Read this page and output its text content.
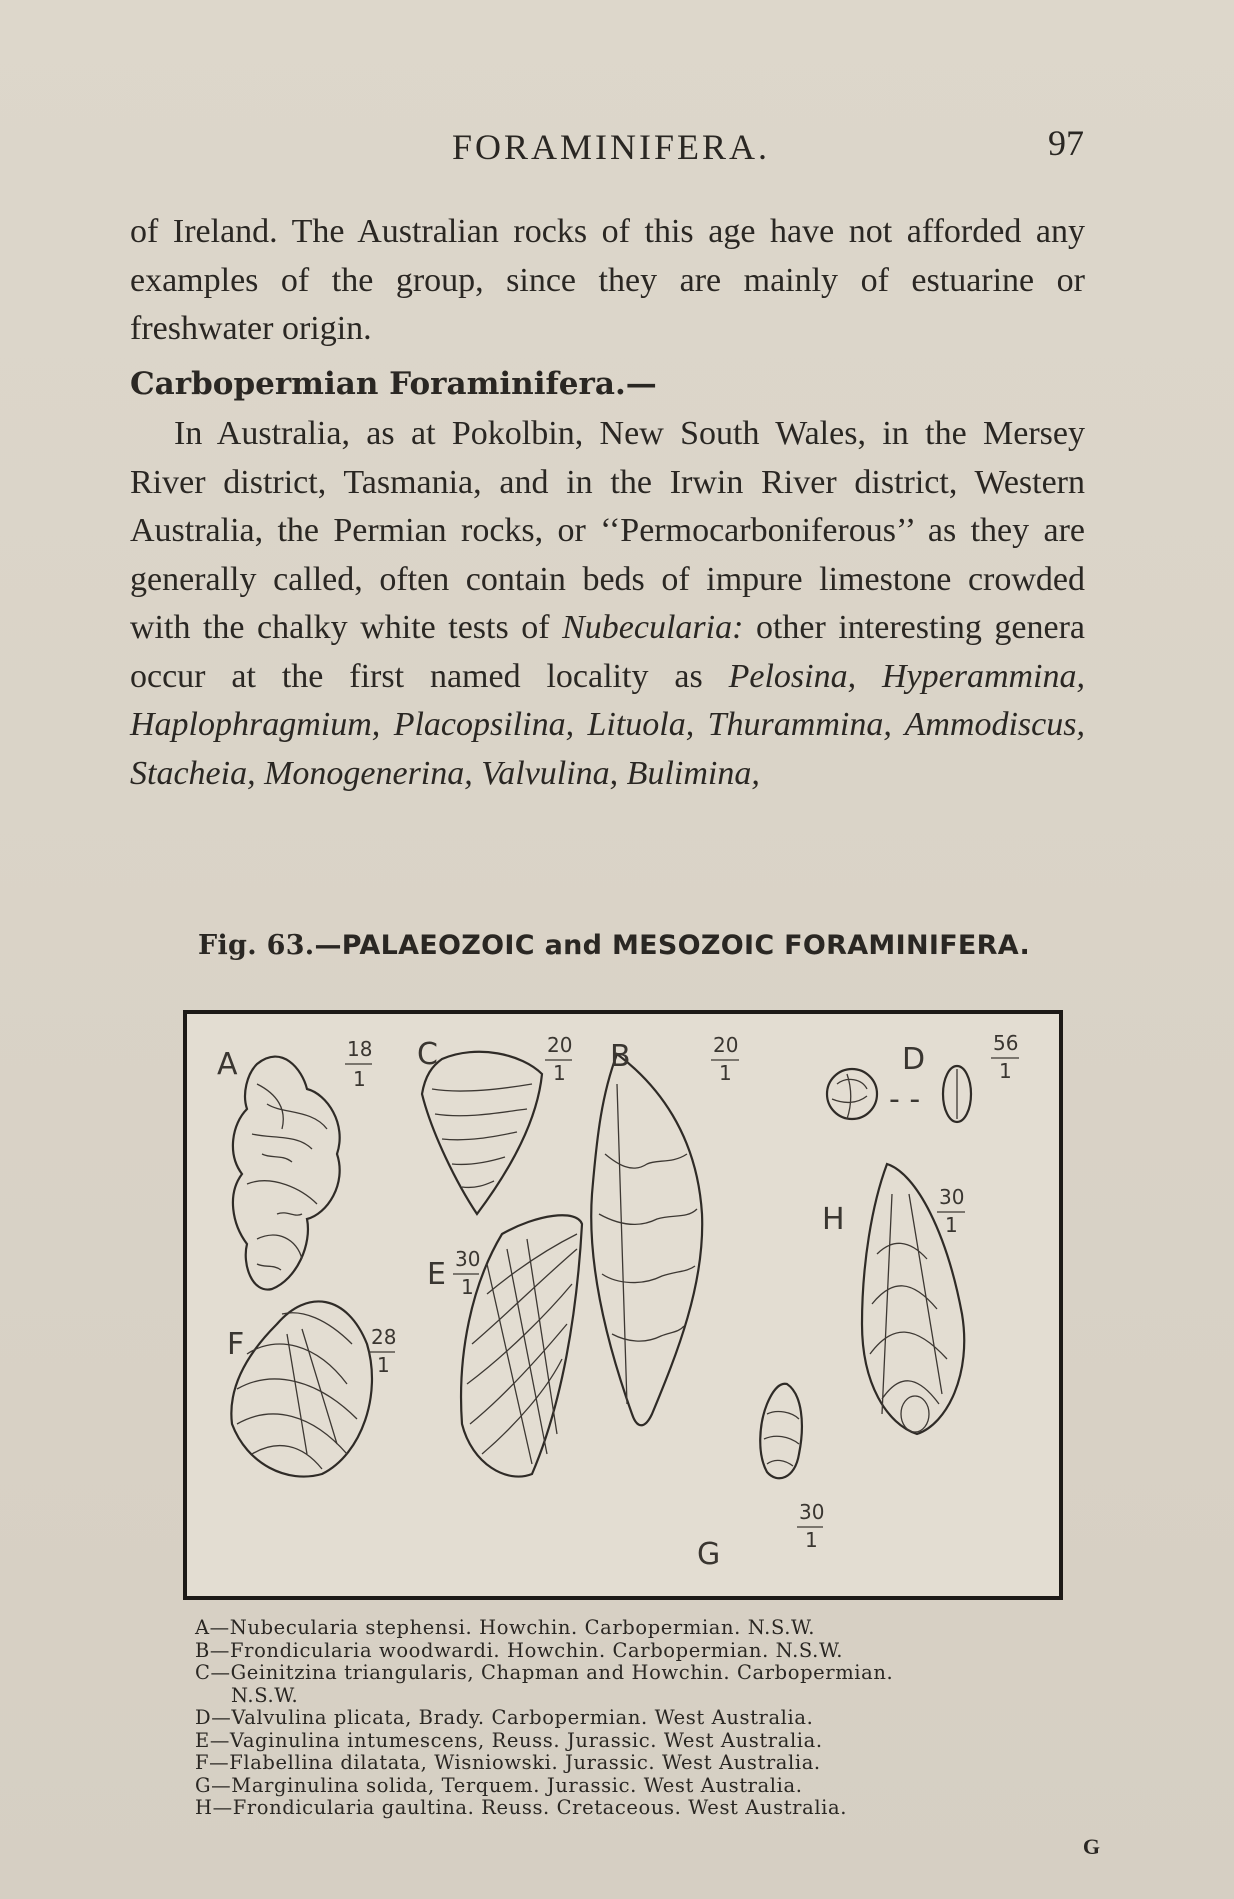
FORAMINIFERA.	97

of Ireland. The Australian rocks of this age have not afforded any examples of the group, since they are mainly of estuarine or freshwater origin.

Carbopermian Foraminifera.—

In Australia, as at Pokolbin, New South Wales, in the Mersey River district, Tasmania, and in the Irwin River district, Western Australia, the Permian rocks, or ‘‘Permocarboniferous’’ as they are generally called, often contain beds of impure limestone crowded with the chalky white tests of Nubecularia: other interesting genera occur at the first named locality as Pelosina, Hyperammina, Haplophragmium, Placopsilina, Lituola, Thurammina, Ammodiscus, Stacheia, Monogenerina, Valvulina, Bulimina,

Fig. 63.—PALAEOZOIC and MESOZOIC FORAMINIFERA.
- -
A	C	B	D
H
E
F
G
18
1
20
1
20
1
56
1
30
1
30
1
28
1
30
1
A—Nubecularia stephensi. Howchin. Carbopermian. N.S.W.
B—Frondicularia woodwardi. Howchin. Carbopermian. N.S.W.
C—Geinitzina triangularis, Chapman and Howchin. Carbopermian.
N.S.W.
D—Valvulina plicata, Brady. Carbopermian. West Australia.
E—Vaginulina intumescens, Reuss. Jurassic. West Australia.
F—Flabellina dilatata, Wisniowski. Jurassic. West Australia.
G—Marginulina solida, Terquem. Jurassic. West Australia.
H—Frondicularia gaultina. Reuss. Cretaceous. West Australia.
G
